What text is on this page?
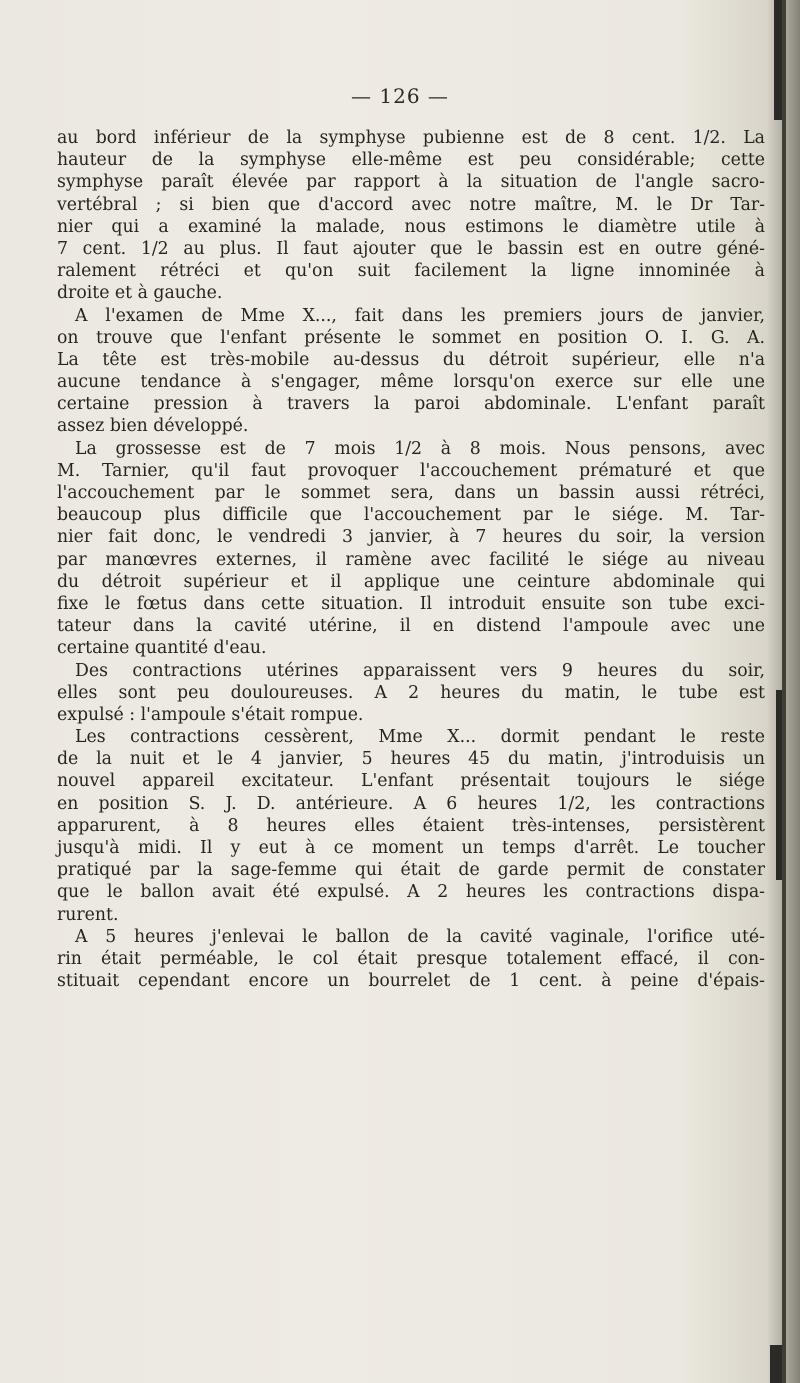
— 126 —
au bord inférieur de la symphyse pubienne est de 8 cent. 1/2. La
hauteur de la symphyse elle-même est peu considérable; cette
symphyse paraît élevée par rapport à la situation de l'angle sacro-
vertébral ; si bien que d'accord avec notre maître, M. le Dr Tar-
nier qui a examiné la malade, nous estimons le diamètre utile à
7 cent. 1/2 au plus. Il faut ajouter que le bassin est en outre géné-
ralement rétréci et qu'on suit facilement la ligne innominée à
droite et à gauche.
A l'examen de Mme X..., fait dans les premiers jours de janvier,
on trouve que l'enfant présente le sommet en position O. I. G. A.
La tête est très-mobile au-dessus du détroit supérieur, elle n'a
aucune tendance à s'engager, même lorsqu'on exerce sur elle une
certaine pression à travers la paroi abdominale. L'enfant paraît
assez bien développé.
La grossesse est de 7 mois 1/2 à 8 mois. Nous pensons, avec
M. Tarnier, qu'il faut provoquer l'accouchement prématuré et que
l'accouchement par le sommet sera, dans un bassin aussi rétréci,
beaucoup plus difficile que l'accouchement par le siége. M. Tar-
nier fait donc, le vendredi 3 janvier, à 7 heures du soir, la version
par manœvres externes, il ramène avec facilité le siége au niveau
du détroit supérieur et il applique une ceinture abdominale qui
fixe le fœtus dans cette situation. Il introduit ensuite son tube exci-
tateur dans la cavité utérine, il en distend l'ampoule avec une
certaine quantité d'eau.
Des contractions utérines apparaissent vers 9 heures du soir,
elles sont peu douloureuses. A 2 heures du matin, le tube est
expulsé : l'ampoule s'était rompue.
Les contractions cessèrent, Mme X... dormit pendant le reste
de la nuit et le 4 janvier, 5 heures 45 du matin, j'introduisis un
nouvel appareil excitateur. L'enfant présentait toujours le siége
en position S. J. D. antérieure. A 6 heures 1/2, les contractions
apparurent, à 8 heures elles étaient très-intenses, persistèrent
jusqu'à midi. Il y eut à ce moment un temps d'arrêt. Le toucher
pratiqué par la sage-femme qui était de garde permit de constater
que le ballon avait été expulsé. A 2 heures les contractions dispa-
rurent.
A 5 heures j'enlevai le ballon de la cavité vaginale, l'orifice uté-
rin était perméable, le col était presque totalement effacé, il con-
stituait cependant encore un bourrelet de 1 cent. à peine d'épais-
